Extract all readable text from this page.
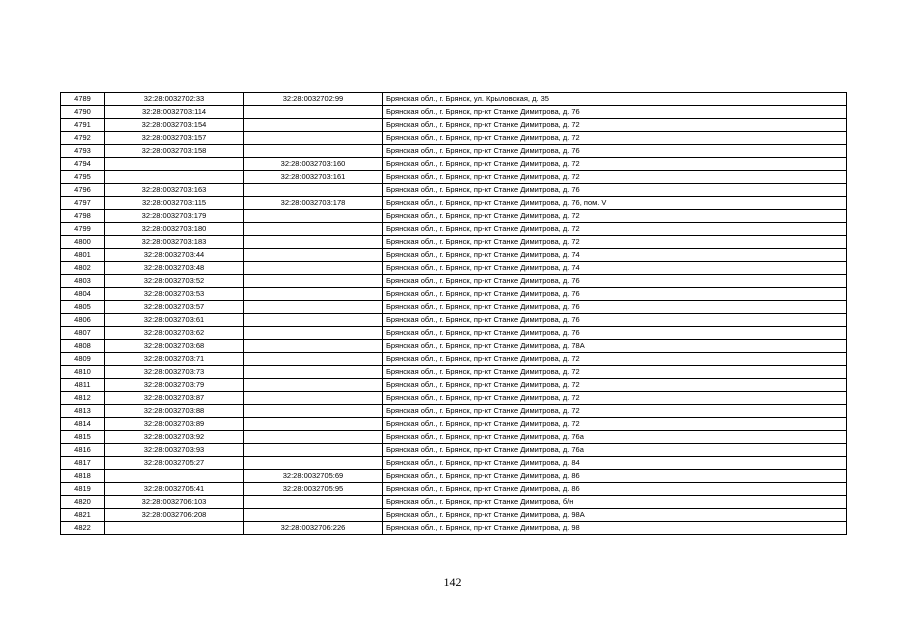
4789	32:28:0032702:33	32:28:0032702:99	Брянская обл., г. Брянск, ул. Крыловская, д. 35
4790	32:28:0032703:114		Брянская обл., г. Брянск, пр-кт Станке Димитрова, д. 76
4791	32:28:0032703:154		Брянская обл., г. Брянск, пр-кт Станке Димитрова, д. 72
4792	32:28:0032703:157		Брянская обл., г. Брянск, пр-кт Станке Димитрова, д. 72
4793	32:28:0032703:158		Брянская обл., г. Брянск, пр-кт Станке Димитрова, д. 76
4794		32:28:0032703:160	Брянская обл., г. Брянск, пр-кт Станке Димитрова, д. 72
4795		32:28:0032703:161	Брянская обл., г. Брянск, пр-кт Станке Димитрова, д. 72
4796	32:28:0032703:163		Брянская обл., г. Брянск, пр-кт Станке Димитрова, д. 76
4797	32:28:0032703:115	32:28:0032703:178	Брянская обл., г. Брянск, пр-кт Станке Димитрова, д. 76, пом. V
4798	32:28:0032703:179		Брянская обл., г. Брянск, пр-кт Станке Димитрова, д. 72
4799	32:28:0032703:180		Брянская обл., г. Брянск, пр-кт Станке Димитрова, д. 72
4800	32:28:0032703:183		Брянская обл., г. Брянск, пр-кт Станке Димитрова, д. 72
4801	32:28:0032703:44		Брянская обл., г. Брянск, пр-кт Станке Димитрова, д. 74
4802	32:28:0032703:48		Брянская обл., г. Брянск, пр-кт Станке Димитрова, д. 74
4803	32:28:0032703:52		Брянская обл., г. Брянск, пр-кт Станке Димитрова, д. 76
4804	32:28:0032703:53		Брянская обл., г. Брянск, пр-кт Станке Димитрова, д. 76
4805	32:28:0032703:57		Брянская обл., г. Брянск, пр-кт Станке Димитрова, д. 76
4806	32:28:0032703:61		Брянская обл., г. Брянск, пр-кт Станке Димитрова, д. 76
4807	32:28:0032703:62		Брянская обл., г. Брянск, пр-кт Станке Димитрова, д. 76
4808	32:28:0032703:68		Брянская обл., г. Брянск, пр-кт Станке Димитрова, д. 78А
4809	32:28:0032703:71		Брянская обл., г. Брянск, пр-кт Станке Димитрова, д. 72
4810	32:28:0032703:73		Брянская обл., г. Брянск, пр-кт Станке Димитрова, д. 72
4811	32:28:0032703:79		Брянская обл., г. Брянск, пр-кт Станке Димитрова, д. 72
4812	32:28:0032703:87		Брянская обл., г. Брянск, пр-кт Станке Димитрова, д. 72
4813	32:28:0032703:88		Брянская обл., г. Брянск, пр-кт Станке Димитрова, д. 72
4814	32:28:0032703:89		Брянская обл., г. Брянск, пр-кт Станке Димитрова, д. 72
4815	32:28:0032703:92		Брянская обл., г. Брянск, пр-кт Станке Димитрова, д. 76а
4816	32:28:0032703:93		Брянская обл., г. Брянск, пр-кт Станке Димитрова, д. 76а
4817	32:28:0032705:27		Брянская обл., г. Брянск, пр-кт Станке Димитрова, д. 84
4818		32:28:0032705:69	Брянская обл., г. Брянск, пр-кт Станке Димитрова, д. 86
4819	32:28:0032705:41	32:28:0032705:95	Брянская обл., г. Брянск, пр-кт Станке Димитрова, д. 86
4820	32:28:0032706:103		Брянская обл., г. Брянск, пр-кт Станке Димитрова, б/н
4821	32:28:0032706:208		Брянская обл., г. Брянск, пр-кт Станке Димитрова, д. 98А
4822		32:28:0032706:226	Брянская обл., г. Брянск, пр-кт Станке Димитрова, д. 98
142
